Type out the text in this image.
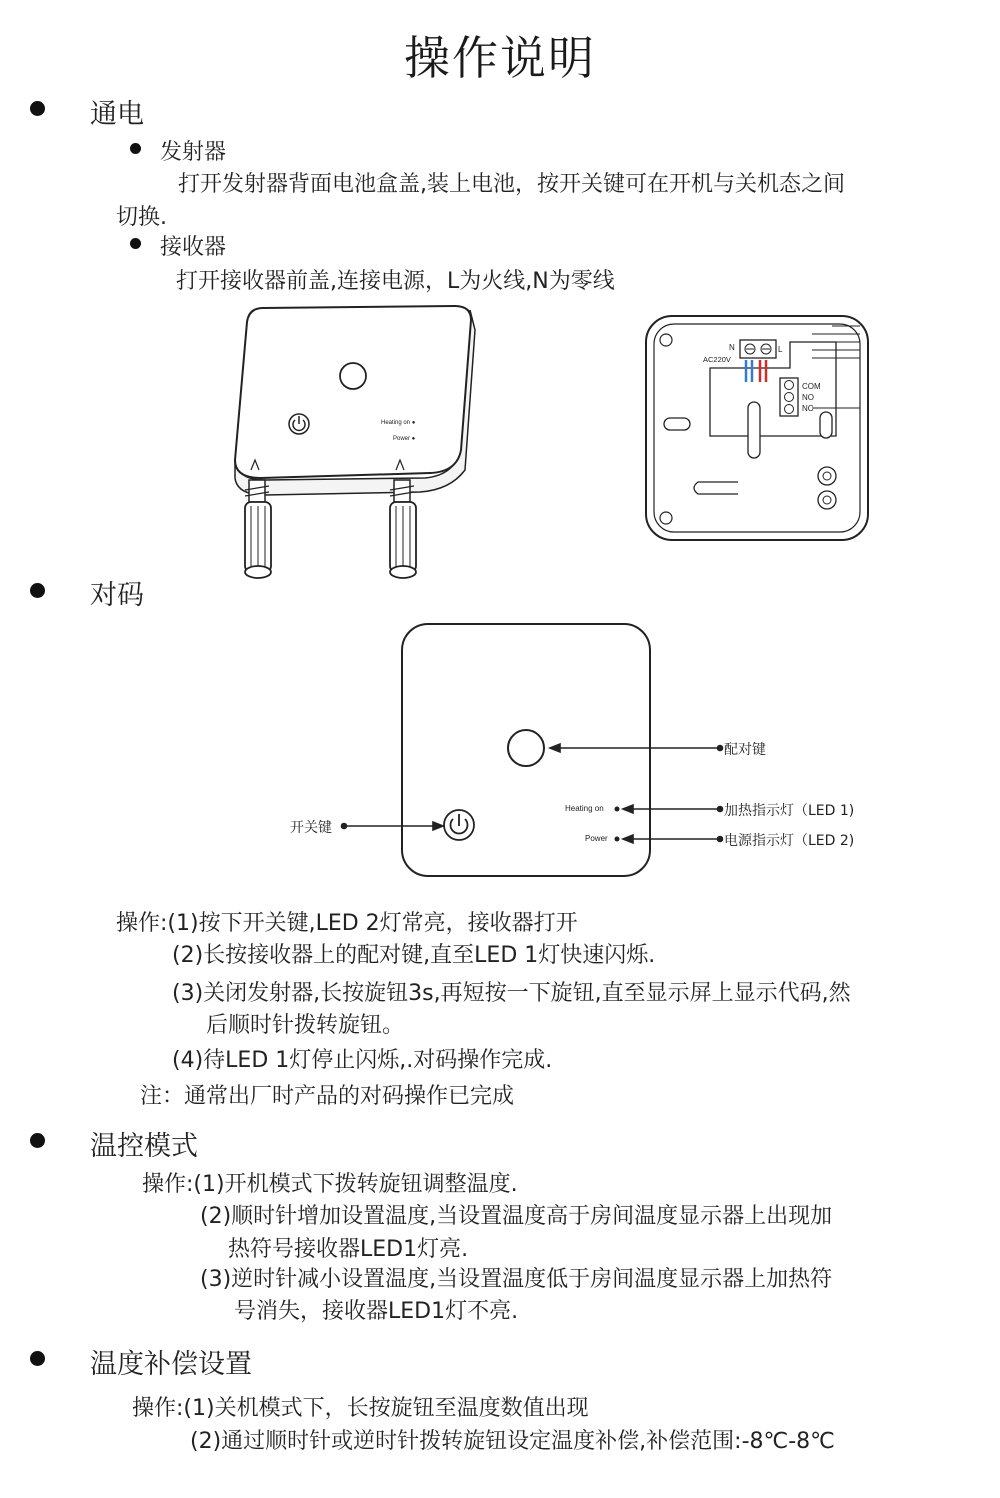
操作说明
通电
发射器
打开发射器背面电池盒盖,装上电池，按开关键可在开机与关机态之间
切换.
接收器
打开接收器前盖,连接电源，L为火线,N为零线
Heating on ●
Power ●
N	L
AC220V
COM
NO
NC
对码
Heating on
Power
配对键
加热指示灯（LED 1)
电源指示灯（LED 2)
开关键
操作:(1)按下开关键,LED 2灯常亮，接收器打开
(2)长按接收器上的配对键,直至LED 1灯快速闪烁.
(3)关闭发射器,长按旋钮3s,再短按一下旋钮,直至显示屏上显示代码,然
后顺时针拨转旋钮。
(4)待LED 1灯停止闪烁,.对码操作完成.
注：通常出厂时产品的对码操作已完成
温控模式
操作:(1)开机模式下拨转旋钮调整温度.
(2)顺时针增加设置温度,当设置温度高于房间温度显示器上出现加
热符号接收器LED1灯亮.
(3)逆时针减小设置温度,当设置温度低于房间温度显示器上加热符
号消失，接收器LED1灯不亮.
温度补偿设置
操作:(1)关机模式下，长按旋钮至温度数值出现
(2)通过顺时针或逆时针拨转旋钮设定温度补偿,补偿范围:-8℃-8℃
